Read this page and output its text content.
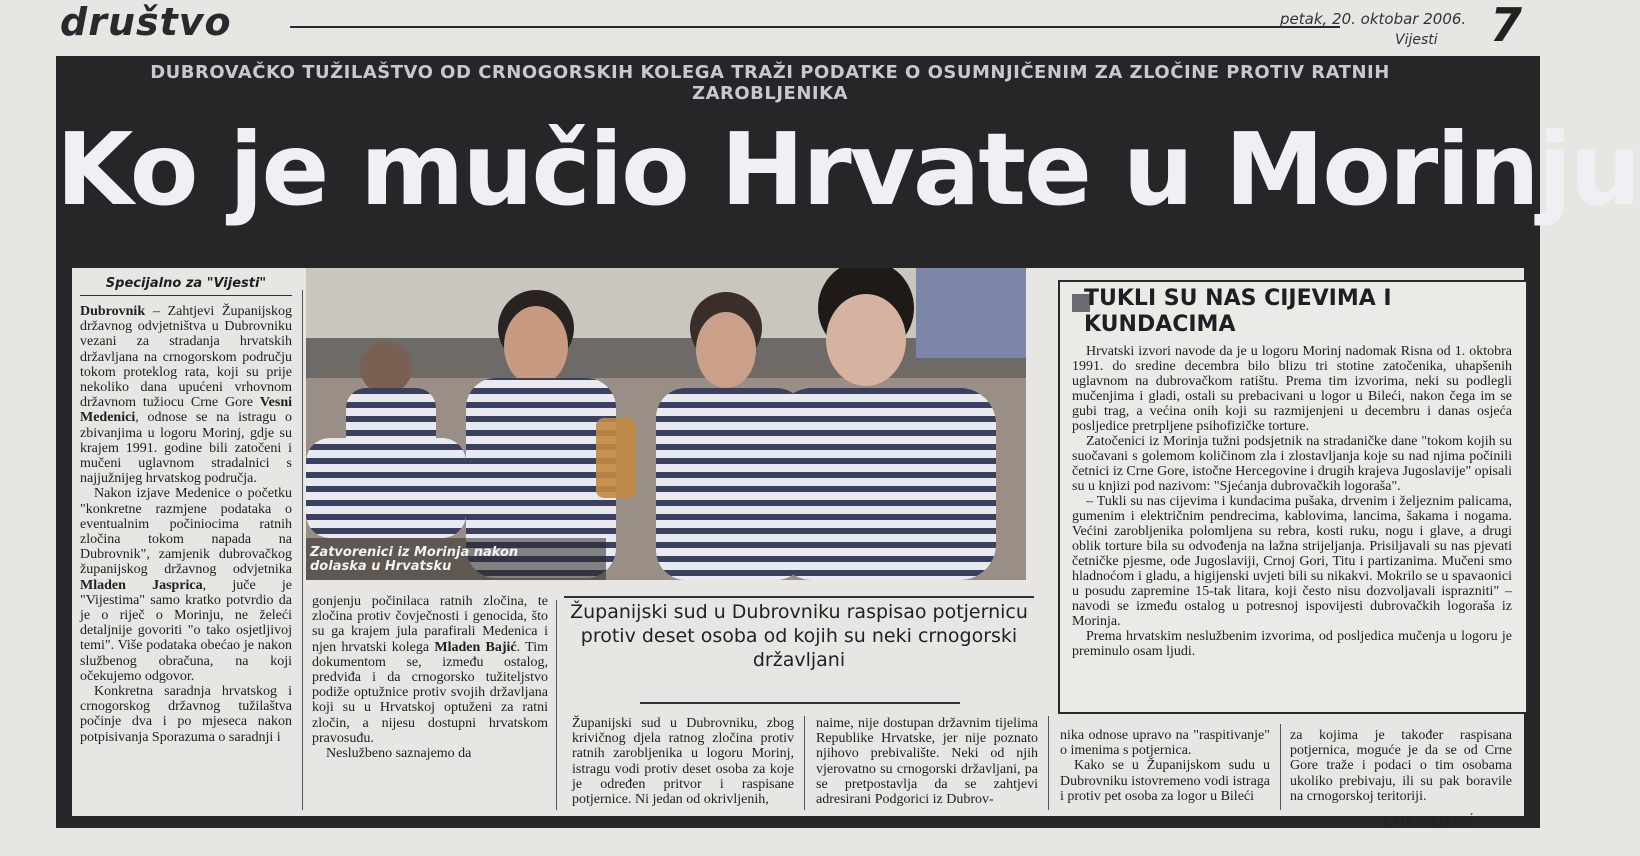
društvo	petak, 20. oktobar 2006.
Vijesti 7
DUBROVAČKO TUŽILAŠTVO OD CRNOGORSKIH KOLEGA TRAŽI PODATKE O OSUMNJIČENIM ZA ZLOČINE PROTIV RATNIH ZAROBLJENIKA
Ko je mučio Hrvate u Morinju
Specijalno za "Vijesti"

Dubrovnik – Zahtjevi Županijskog državnog odvjetništva u Dubrovniku vezani za stradanja hrvatskih državljana na crnogorskom području tokom proteklog rata, koji su prije nekoliko dana upućeni vrhovnom državnom tužiocu Crne Gore Vesni Medenici, odnose se na istragu o zbivanjima u logoru Morinj, gdje su krajem 1991. godine bili zatočeni i mučeni uglavnom stradalnici s najjužnijeg hrvatskog područja.

Nakon izjave Medenice o početku "konkretne razmjene podataka o eventualnim počiniocima ratnih zločina tokom napada na Dubrovnik", zamjenik dubrovačkog županijskog državnog odvjetnika Mladen Jasprica, juče je "Vijestima" samo kratko potvrdio da je o riječ o Morinju, ne želeći detaljnije govoriti "o tako osjetljivoj temi". Više podataka obećao je nakon službenog obračuna, na koji očekujemo odgovor.

Konkretna saradnja hrvatskog i crnogorskog državnog tužilaštva počinje dva i po mjeseca nakon potpisivanja Sporazuma o saradnji i

Zatvorenici iz Morinja nakon dolaska u Hrvatsku

gonjenju počinilaca ratnih zločina, te zločina protiv čovječnosti i genocida, što su ga krajem jula parafirali Medenica i njen hrvatski kolega Mladen Bajić. Tim dokumentom se, između ostalog, predviđa i da crnogorsko tužiteljstvo podiže optužnice protiv svojih državljana koji su u Hrvatskoj optuženi za ratni zločin, a nijesu dostupni hrvatskom pravosuđu.

Neslužbeno saznajemo da

Županijski sud u Dubrovniku raspisao potjernicu protiv deset osoba od kojih su neki crnogorski državljani

Županijski sud u Dubrovniku, zbog krivičnog djela ratnog zločina protiv ratnih zarobljenika u logoru Morinj, istragu vodi protiv deset osoba za koje je određen pritvor i raspisane potjernice. Ni jedan od okrivljenih,

naime, nije dostupan državnim tijelima Republike Hrvatske, jer nije poznato njihovo prebivalište. Neki od njih vjerovatno su crnogorski državljani, pa se pretpostavlja da se zahtjevi adresirani Podgorici iz Dubrov-

nika odnose upravo na "raspitivanje" o imenima s potjernica.

Kako se u Županijskom sudu u Dubrovniku istovremeno vodi istraga i protiv pet osoba za logor u Bileći

za kojima je također raspisana potjernica, moguće je da se od Crne Gore traže i podaci o tim osobama ukoliko prebivaju, ili su pak boravile na crnogorskoj teritoriji.

J.MRVALJEVIĆ
TUKLI SU NAS CIJEVIMA I KUNDACIMA

Hrvatski izvori navode da je u logoru Morinj nadomak Risna od 1. oktobra 1991. do sredine decembra bilo blizu tri stotine zatočenika, uhapšenih uglavnom na dubrovačkom ratištu. Prema tim izvorima, neki su podlegli mučenjima i gladi, ostali su prebacivani u logor u Bileći, nakon čega im se gubi trag, a većina onih koji su razmijenjeni u decembru i danas osjeća posljedice pretrpljene psihofizičke torture.

Zatočenici iz Morinja tužni podsjetnik na stradaničke dane "tokom kojih su suočavani s golemom količinom zla i zlostavljanja koje su nad njima počinili četnici iz Crne Gore, istočne Hercegovine i drugih krajeva Jugoslavije" opisali su u knjizi pod nazivom: "Sjećanja dubrovačkih logoraša".

– Tukli su nas cijevima i kundacima pušaka, drvenim i željeznim palicama, gumenim i električnim pendrecima, kablovima, lancima, šakama i nogama. Većini zarobljenika polomljena su rebra, kosti ruku, nogu i glave, a drugi oblik torture bila su odvođenja na lažna strijeljanja. Prisiljavali su nas pjevati četničke pjesme, ode Jugoslaviji, Crnoj Gori, Titu i partizanima. Mučeni smo hladnoćom i gladu, a higijenski uvjeti bili su nikakvi. Mokrilo se u spavaonici u posudu zapremine 15-tak litara, koji često nisu dozvoljavali isprazniti" – navodi se između ostalog u potresnoj ispovijesti dubrovačkih logoraša iz Morinja.

Prema hrvatskim neslužbenim izvorima, od posljedica mučenja u logoru je preminulo osam ljudi.
